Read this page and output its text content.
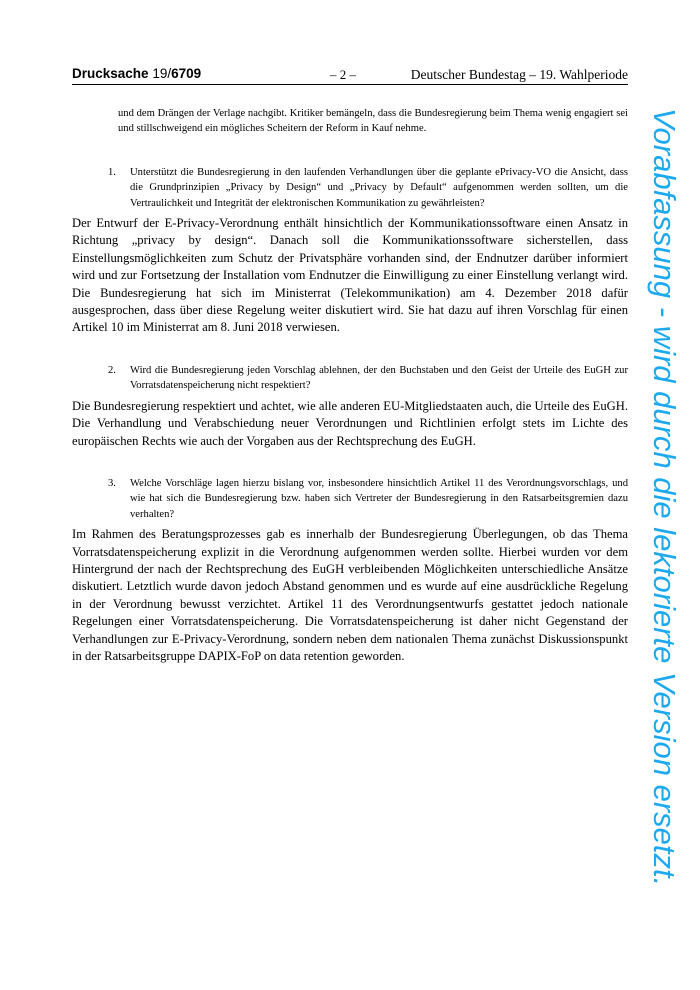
Drucksache 19/6709	– 2 –	Deutscher Bundestag – 19. Wahlperiode
und dem Drängen der Verlage nachgibt. Kritiker bemängeln, dass die Bundesregierung beim Thema wenig engagiert sei und stillschweigend ein mögliches Scheitern der Reform in Kauf nehme.
1. Unterstützt die Bundesregierung in den laufenden Verhandlungen über die geplante ePrivacy-VO die Ansicht, dass die Grundprinzipien „Privacy by Design“ und „Privacy by Default“ aufgenommen werden sollten, um die Vertraulichkeit und Integrität der elektronischen Kommunikation zu gewährleisten?
Der Entwurf der E-Privacy-Verordnung enthält hinsichtlich der Kommunikationssoftware einen Ansatz in Richtung „privacy by design“. Danach soll die Kommunikationssoftware sicherstellen, dass Einstellungsmöglichkeiten zum Schutz der Privatsphäre vorhanden sind, der Endnutzer darüber informiert wird und zur Fortsetzung der Installation vom Endnutzer die Einwilligung zu einer Einstellung verlangt wird. Die Bundesregierung hat sich im Ministerrat (Telekommunikation) am 4. Dezember 2018 dafür ausgesprochen, dass über diese Regelung weiter diskutiert wird. Sie hat dazu auf ihren Vorschlag für einen Artikel 10 im Ministerrat am 8. Juni 2018 verwiesen.
2. Wird die Bundesregierung jeden Vorschlag ablehnen, der den Buchstaben und den Geist der Urteile des EuGH zur Vorratsdatenspeicherung nicht respektiert?
Die Bundesregierung respektiert und achtet, wie alle anderen EU-Mitgliedstaaten auch, die Urteile des EuGH. Die Verhandlung und Verabschiedung neuer Verordnungen und Richtlinien erfolgt stets im Lichte des europäischen Rechts wie auch der Vorgaben aus der Rechtsprechung des EuGH.
3. Welche Vorschläge lagen hierzu bislang vor, insbesondere hinsichtlich Artikel 11 des Verordnungsvorschlags, und wie hat sich die Bundesregierung bzw. haben sich Vertreter der Bundesregierung in den Ratsarbeitsgremien dazu verhalten?
Im Rahmen des Beratungsprozesses gab es innerhalb der Bundesregierung Überlegungen, ob das Thema Vorratsdatenspeicherung explizit in die Verordnung aufgenommen werden sollte. Hierbei wurden vor dem Hintergrund der nach der Rechtsprechung des EuGH verbleibenden Möglichkeiten unterschiedliche Ansätze diskutiert. Letztlich wurde davon jedoch Abstand genommen und es wurde auf eine ausdrückliche Regelung in der Verordnung bewusst verzichtet. Artikel 11 des Verordnungsentwurfs gestattet jedoch nationale Regelungen einer Vorratsdatenspeicherung. Die Vorratsdatenspeicherung ist daher nicht Gegenstand der Verhandlungen zur E-Privacy-Verordnung, sondern neben dem nationalen Thema zunächst Diskussionspunkt in der Ratsarbeitsgruppe DAPIX-FoP on data retention geworden.	Vorabfassung - wird durch die lektorierte Version ersetzt.
